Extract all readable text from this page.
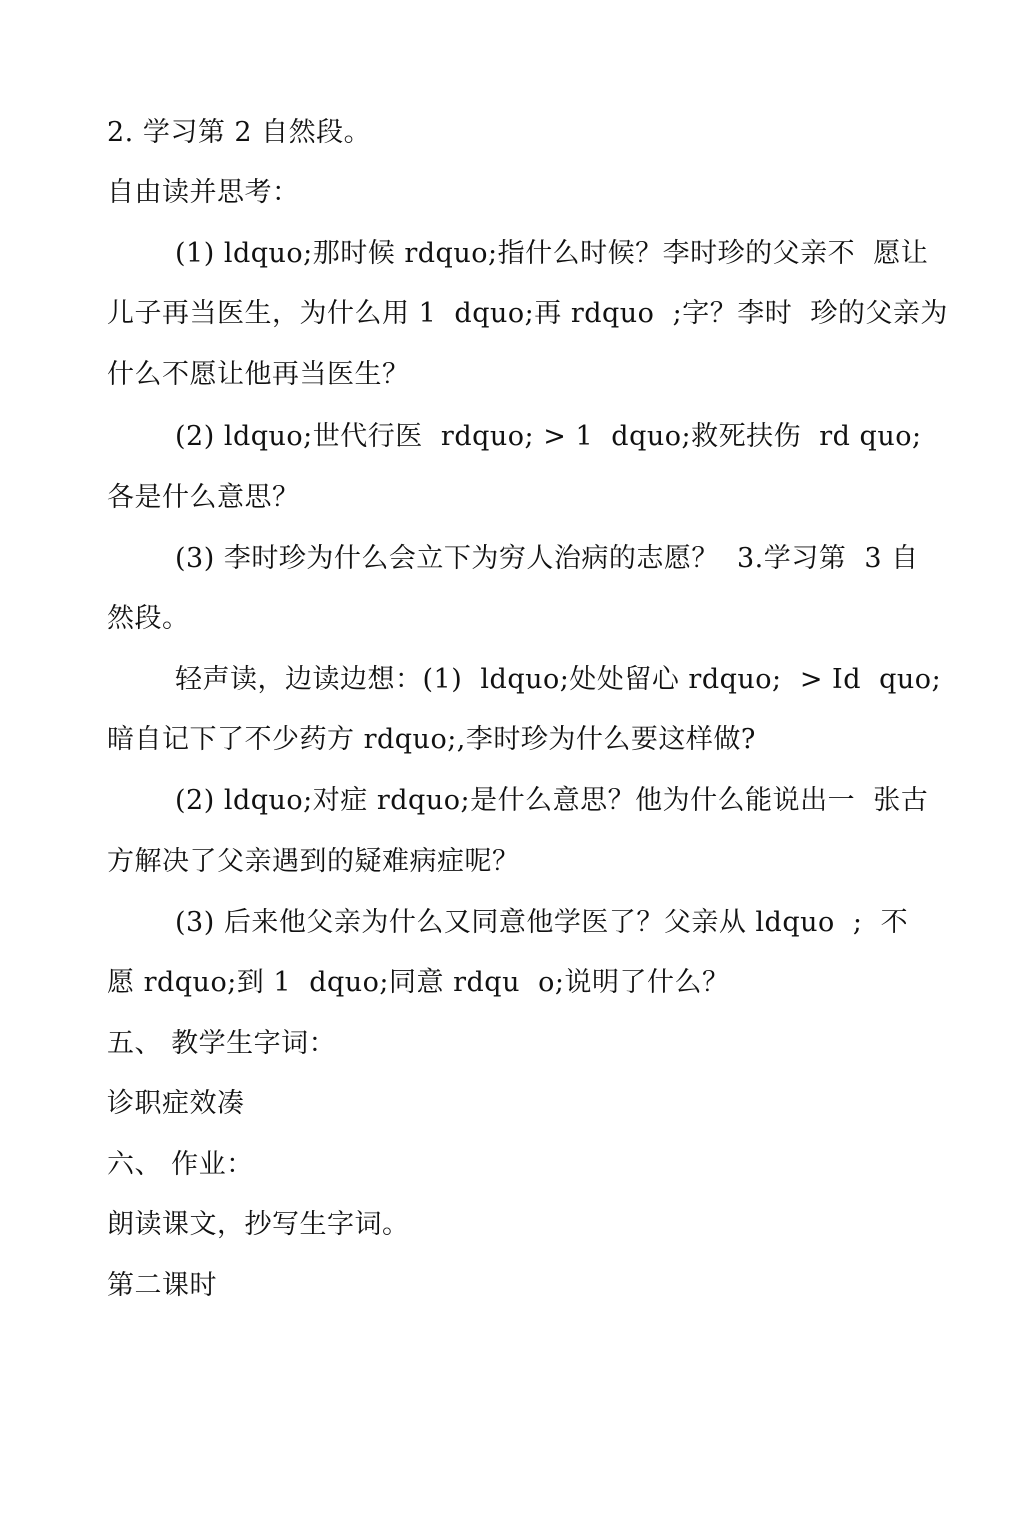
2. 学习第 2 自然段。
自由读并思考：
(1) ldquo;那时候 rdquo;指什么时候？李时珍的父亲不  愿让
儿子再当医生，为什么用 1  dquo;再 rdquo  ;字？李时  珍的父亲为
什么不愿让他再当医生？
(2) ldquo;世代行医  rdquo; > 1  dquo;救死扶伤  rd quo;
各是什么意思？
(3) 李时珍为什么会立下为穷人治病的志愿？  3.学习第  3 自
然段。
轻声读，边读边想：(1)  ldquo;处处留心 rdquo;  > Id  quo;
暗自记下了不少药方 rdquo;,李时珍为什么要这样做?
(2) ldquo;对症 rdquo;是什么意思？他为什么能说出一  张古
方解决了父亲遇到的疑难病症呢？
(3) 后来他父亲为什么又同意他学医了？父亲从 ldquo  ;  不
愿 rdquo;到 1  dquo;同意 rdqu  o;说明了什么？
五、 教学生字词：
诊职症效凑
六、 作业：
朗读课文，抄写生字词。
第二课时
